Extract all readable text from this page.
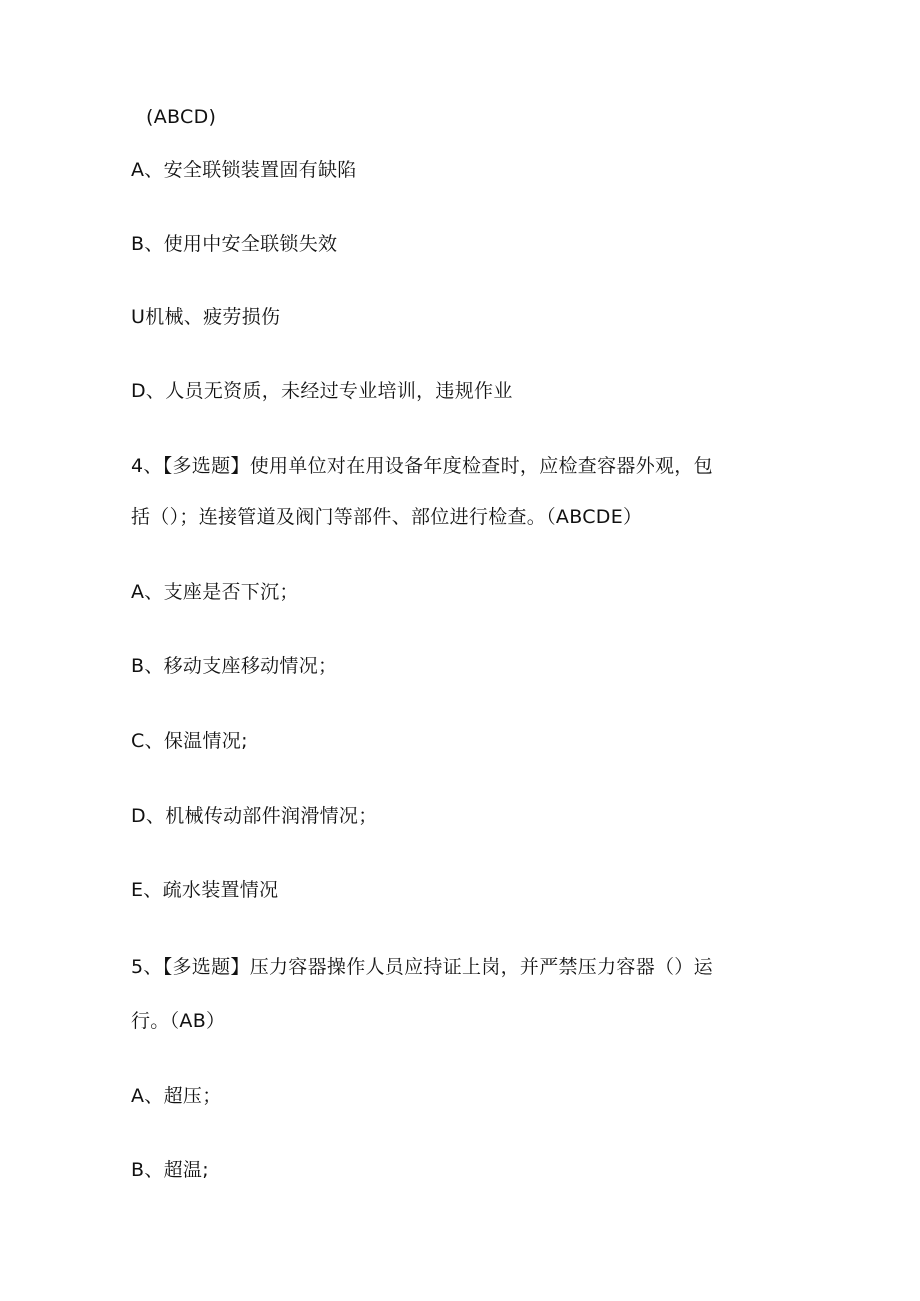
(ABCD)
A、安全联锁装置固有缺陷
B、使用中安全联锁失效
U机械、疲劳损伤
D、人员无资质，未经过专业培训，违规作业
4、【多选题】使用单位对在用设备年度检查时，应检查容器外观，包
括（）；连接管道及阀门等部件、部位进行检查。（ABCDE）
A、支座是否下沉；
B、移动支座移动情况；
C、保温情况;
D、机械传动部件润滑情况；
E、疏水装置情况
5、【多选题】压力容器操作人员应持证上岗，并严禁压力容器（）运
行。（AB）
A、超压；
B、超温;
